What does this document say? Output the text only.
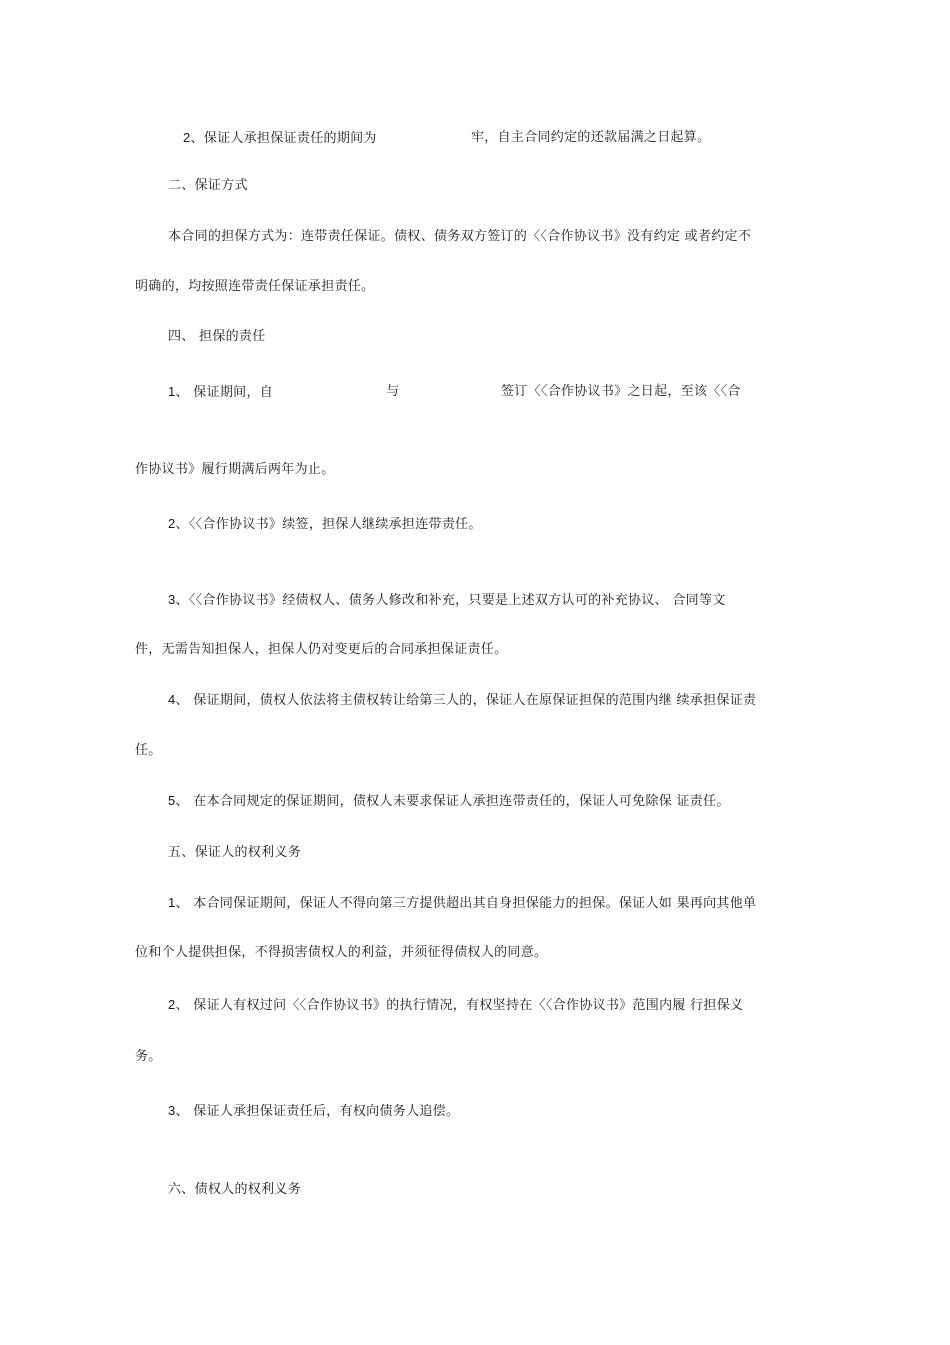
2、保证人承担保证责任的期间为	牢，自主合同约定的还款届满之日起算。
二、保证方式
本合同的担保方式为：连带责任保证。债权、债务双方签订的〈〈合作协议书》没有约定 或者约定不
明确的，均按照连带责任保证承担责任。
四、 担保的责任
1、 保证期间，自	与	签订〈〈合作协议书》之日起，至该〈〈合
作协议书》履行期满后两年为止。
2、〈〈合作协议书》续签，担保人继续承担连带责任。
3、〈〈合作协议书》经债权人、债务人修改和补充，只要是上述双方认可的补充协议、 合同等文
件，无需告知担保人，担保人仍对变更后的合同承担保证责任。
4、 保证期间，债权人依法将主债权转让给第三人的，保证人在原保证担保的范围内继 续承担保证责
任。
5、 在本合同规定的保证期间，债权人未要求保证人承担连带责任的，保证人可免除保 证责任。
五、保证人的权利义务
1、 本合同保证期间，保证人不得向第三方提供超出其自身担保能力的担保。保证人如 果再向其他单
位和个人提供担保，不得损害债权人的利益，并须征得债权人的同意。
2、 保证人有权过问〈〈合作协议书》的执行情况，有权坚持在〈〈合作协议书》范围内履 行担保义
务。
3、 保证人承担保证责任后，有权向债务人追偿。
六、债权人的权利义务
